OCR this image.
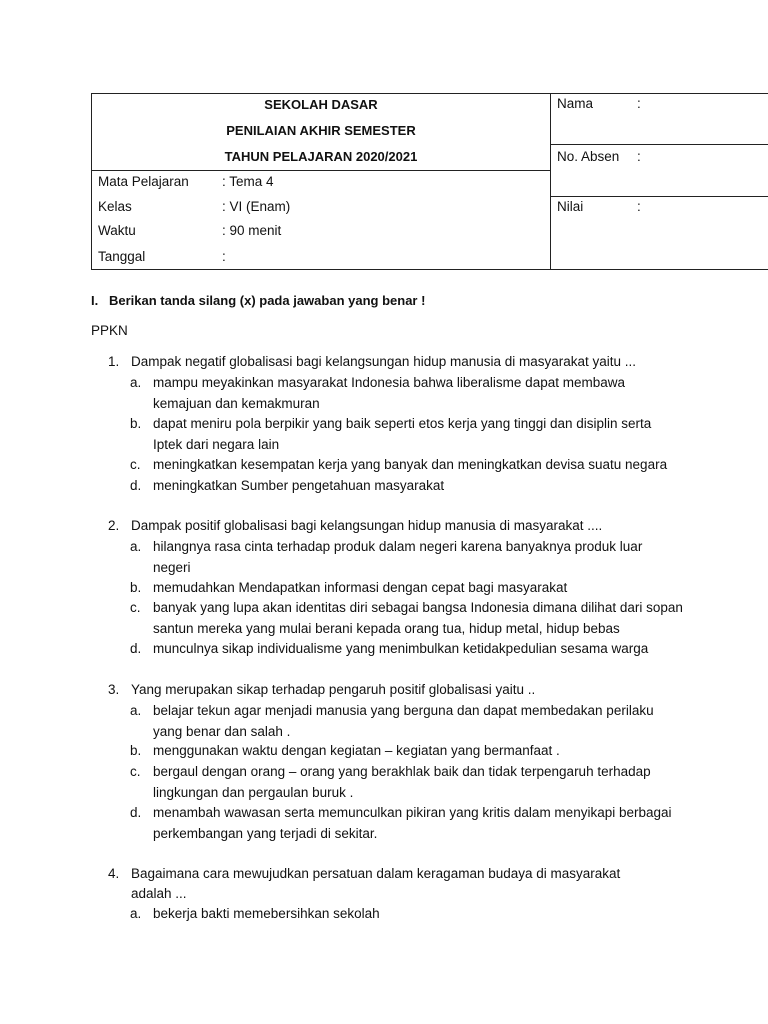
SEKOLAH DASAR
PENILAIAN AKHIR SEMESTER
TAHUN PELAJARAN 2020/2021
Mata Pelajaran : Tema 4
Kelas	: VI (Enam)
Waktu	: 90 menit
Tanggal	:
Nama	:
No. Absen :
Nilai	:
I. Berikan tanda silang (x) pada jawaban yang benar !
PPKN
1. Dampak negatif globalisasi bagi kelangsungan hidup manusia di masyarakat yaitu ...
a. mampu meyakinkan masyarakat Indonesia bahwa liberalisme dapat membawa kemajuan dan kemakmuran
b. dapat meniru pola berpikir yang baik seperti etos kerja yang tinggi dan disiplin serta Iptek dari negara lain
c. meningkatkan kesempatan kerja yang banyak dan meningkatkan devisa suatu negara
d. meningkatkan Sumber pengetahuan masyarakat
2. Dampak positif globalisasi bagi kelangsungan hidup manusia di masyarakat ....
a. hilangnya rasa cinta terhadap produk dalam negeri karena banyaknya produk luar negeri
b. memudahkan Mendapatkan informasi dengan cepat bagi masyarakat
c. banyak yang lupa akan identitas diri sebagai bangsa Indonesia dimana dilihat dari sopan santun mereka yang mulai berani kepada orang tua, hidup metal, hidup bebas
d. munculnya sikap individualisme yang menimbulkan ketidakpedulian sesama warga
3. Yang merupakan sikap terhadap pengaruh positif globalisasi yaitu ..
a. belajar tekun agar menjadi manusia yang berguna dan dapat membedakan perilaku yang benar dan salah .
b. menggunakan waktu dengan kegiatan – kegiatan yang bermanfaat .
c. bergaul dengan orang – orang yang berakhlak baik dan tidak terpengaruh terhadap lingkungan dan pergaulan buruk .
d. menambah wawasan serta memunculkan pikiran yang kritis dalam menyikapi berbagai perkembangan yang terjadi di sekitar.
4. Bagaimana cara mewujudkan persatuan dalam keragaman budaya di masyarakat adalah ...
a. bekerja bakti memebersihkan sekolah
